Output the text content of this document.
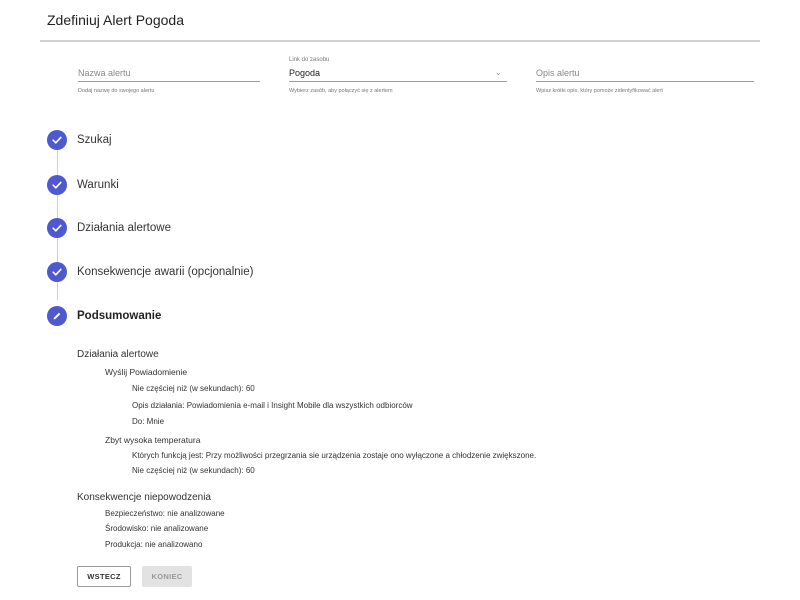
Zdefiniuj Alert Pogoda
Nazwa alertu
Dodaj nazwę do swojego alertu
Link do zasobu
Pogoda	⌄
Wybierz zasób, aby połączyć się z alertem
Opis alertu
Wpisz krótki opis, który pomoże zidentyfikować alert
Szukaj
Warunki
Działania alertowe
Konsekwencje awarii (opcjonalnie)
Podsumowanie
Działania alertowe
Wyślij Powiadomienie
Nie częściej niż (w sekundach): 60
Opis działania: Powiadomienia e-mail i Insight Mobile dla wszystkich odbiorców
Do: Mnie
Zbyt wysoka temperatura
Których funkcją jest: Przy możliwości przegrzania sie urządzenia zostaje ono wyłączone a chłodzenie zwiększone.
Nie częściej niż (w sekundach): 60
Konsekwencje niepowodzenia
Bezpieczeństwo: nie analizowane
Środowisko: nie analizowane
Produkcja: nie analizowano
WSTECZ	KONIEC
